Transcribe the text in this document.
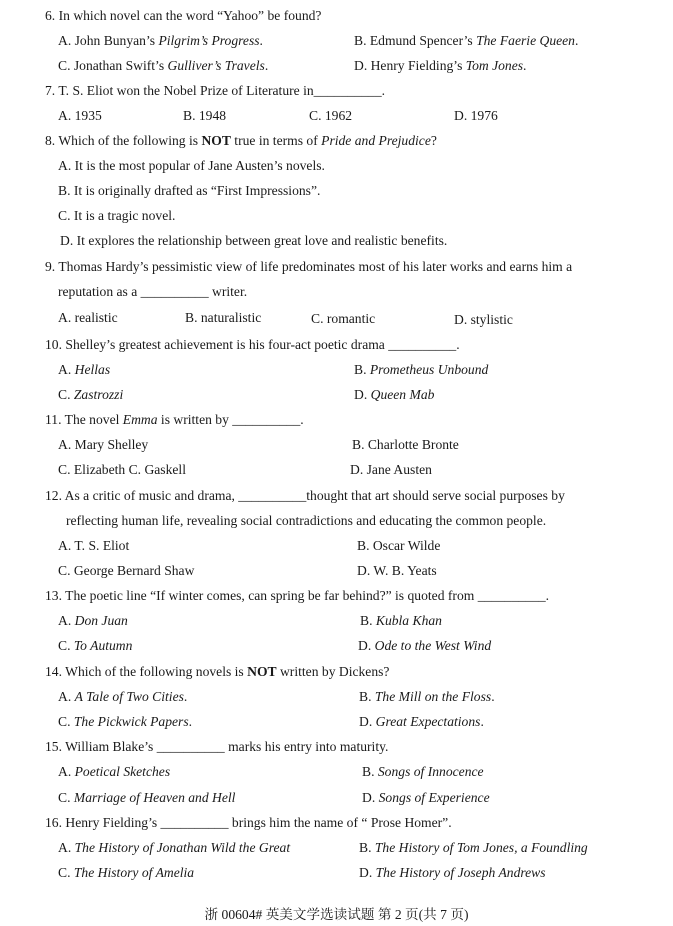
6. In which novel can the word “Yahoo” be found?
A. John Bunyan’s Pilgrim’s Progress.	B. Edmund Spencer’s The Faerie Queen.
C. Jonathan Swift’s Gulliver’s Travels.	D. Henry Fielding’s Tom Jones.
7. T. S. Eliot won the Nobel Prize of Literature in__________.
A. 1935	B. 1948	C. 1962	D. 1976
8. Which of the following is NOT true in terms of Pride and Prejudice?
A. It is the most popular of Jane Austen’s novels.
B. It is originally drafted as “First Impressions”.
C. It is a tragic novel.
D. It explores the relationship between great love and realistic benefits.
9. Thomas Hardy’s pessimistic view of life predominates most of his later works and earns him a
reputation as a __________ writer.
A. realistic	B. naturalistic	C. romantic	D. stylistic
10. Shelley’s greatest achievement is his four-act poetic drama __________.
A. Hellas	B. Prometheus Unbound
C. Zastrozzi	D. Queen Mab
11. The novel Emma is written by __________.
A. Mary Shelley	B. Charlotte Bronte
C. Elizabeth C. Gaskell	D. Jane Austen
12. As a critic of music and drama, __________thought that art should serve social purposes by
reflecting human life, revealing social contradictions and educating the common people.
A. T. S. Eliot	B. Oscar Wilde
C. George Bernard Shaw	D. W. B. Yeats
13. The poetic line “If winter comes, can spring be far behind?” is quoted from __________.
A. Don Juan	B. Kubla Khan
C. To Autumn	D. Ode to the West Wind
14. Which of the following novels is NOT written by Dickens?
A. A Tale of Two Cities.	B. The Mill on the Floss.
C. The Pickwick Papers.	D. Great Expectations.
15. William Blake’s __________ marks his entry into maturity.
A. Poetical Sketches	B. Songs of Innocence
C. Marriage of Heaven and Hell	D. Songs of Experience
16. Henry Fielding’s __________ brings him the name of “ Prose Homer”.
A. The History of Jonathan Wild the Great	B. The History of Tom Jones, a Foundling
C. The History of Amelia	D. The History of Joseph Andrews
浙 00604# 英美文学选读试题 第 2 页(共 7 页)
